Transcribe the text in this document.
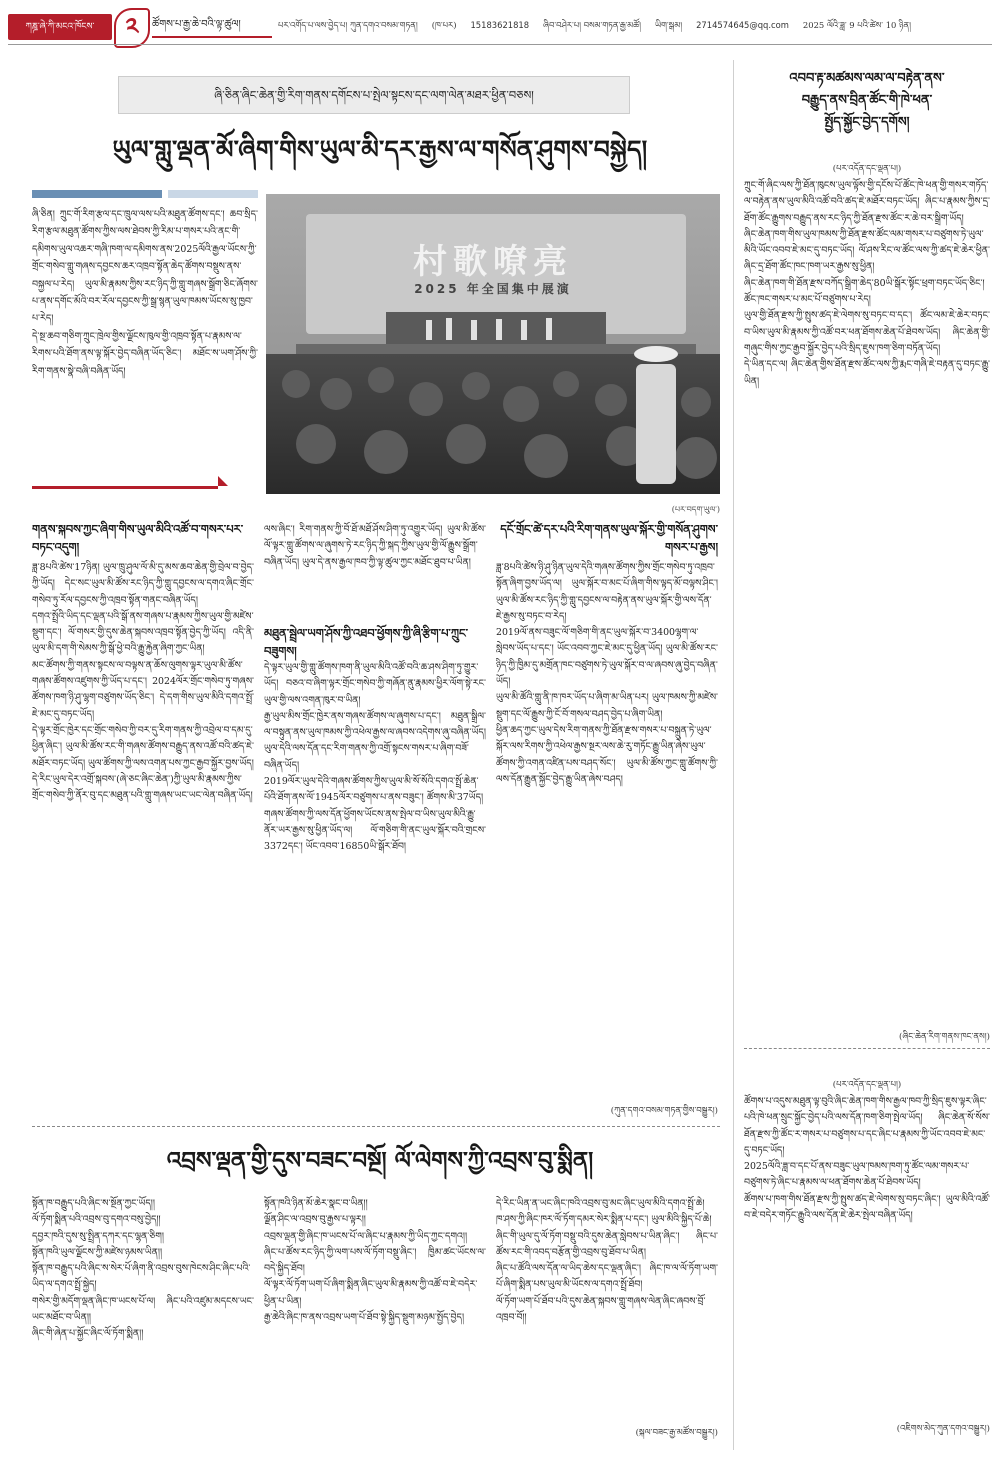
ཀཎྜ་ཞེ་ཀི་མངའ་ཁོངས་	༢	ཚོགས་པ་རྒྱ་ཆེ་བའི་ལྟ་ཚུལ།	པར་འགོད་པ་ལས་བྱེད་པ། ཀུན་དགའ་བསམ་གཏན། (ཁ་པར) 15183621818 ཞིབ་བཤེར་པ། བསམ་གཏན་རྒྱ་མཚོ། ཡིག་སྒམ། 2714574645@qq.com 2025 ལོའི་ཟླ་ 9 པའི་ཚེས་ 10 ཉིན།
ཞི་ཅིན་ཞིང་ཆེན་གྱི་རིག་གནས་དགོངས་པ་སྤེལ་སྟངས་དང་ལག་ལེན་མཐར་ཕྱིན་བཅས།
ཡུལ་གླུ་ལྡན་མོ་ཞིག་གིས་ཡུལ་མི་དར་རྒྱས་ལ་གསོན་ཤུགས་བསྐྱེད།
ཞི་ཅིན། ཀྲུང་གོ་རིག་རྩལ་དང་ཁྲུལ་ལས་པའི་མཐུན་ཚོགས་དང་། ཆབ་སྲིད་རིག་རྩལ་མཐུན་ཚོགས་ཀྱིས་ལས་ཐེབས་ཀྱི་རིམ་པ་གསར་པའི་ནང་གི་དམིགས་ཡུལ་འཆར་གཞི་ཁག་ལ་དམིགས་ནས་2025ལོའི་རྒྱལ་ཡོངས་ཀྱི་གྲོང་གསེབ་གླུ་གཞས་དབྱངས་ཆར་འཁྲབ་སྟོན་ཆེད་ཚོགས་བསྡུས་ནས་བསྐྱལ་པ་རེད། ཡུལ་མི་རྣམས་ཀྱིས་རང་ཉིད་ཀྱི་གླུ་གཞས་སྒྲོག་ཅིང་ཞོགས་པ་ནས་དགོང་མོའི་བར་རོལ་དབྱངས་ཀྱི་སྒྲ་སྙན་ཡུལ་ཁམས་ཡོངས་སུ་ཁྱབ་པ་རེད།
དེ་སྔ་ཆབ་གཅིག་ཀྲུང་ཁྲེལ་གྱིས་ལྗོངས་ཁུལ་གྱི་འཁྲབ་སྟོན་པ་རྣམས་ལ་རིགས་པའི་ཐོག་ནས་ལྟ་སྐོར་བྱེད་བཞིན་ཡོད་ཅིང་། མཐོང་ས་ཡག་ཤོས་ཀྱི་རིག་གནས་སྣེ་བཞི་བཞིན་ཡོད།
村歌嘹亮
2025 年全国集中展演
(པར་བདག་ཡུལ་)
གནས་སྐབས་ཀྱང་ཞིག་གིས་ཡུལ་མིའི་འཚོ་བ་གསར་པར་བཏང་འདུག།
ཟླ་8པའི་ཚེས་17ཉིན། ཡུལ་ཁྲུ་ཤུལ་ལོ་མི་དུ་མས་ཆབ་ཆེན་གྱི་བྲེལ་བ་བྱེད་ཀྱི་ཡོད། དེང་སང་ཡུལ་མི་ཚོས་རང་ཉིད་ཀྱི་གླུ་དབྱངས་ལ་དགའ་ཞིང་གྲོང་གསེབ་ཏུ་རོལ་དབྱངས་ཀྱི་འཁྲབ་སྟོན་གནང་བཞིན་ཡོད།
དགའ་སྤྲོའི་ཡིད་དང་ལྡན་པའི་སྒོ་ནས་གཞས་པ་རྣམས་ཀྱིས་ཡུལ་གྱི་མཛེས་སྡུག་དང་། ལོ་གསར་གྱི་དུས་ཆེན་སྐབས་འཁྲབ་སྟོན་བྱེད་ཀྱི་ཡོད། འདི་ནི་ཡུལ་མི་དག་གི་སེམས་ཀྱི་སྒོ་ཕྱེ་བའི་རྒྱུ་རྐྱེན་ཞིག་ཀྱང་ཡིན།
མང་ཚོགས་ཀྱི་གནས་སྟངས་ལ་བལྟས་ན་ཆོས་ལུགས་ལྟར་ཡུལ་མི་ཚོས་གཞས་ཚོགས་འཛུགས་ཀྱི་ཡོད་པ་དང་། 2024ལོར་གྲོང་གསེབ་ཏུ་གཞས་ཚོགས་ཁག་ཉི་ཤུ་ལྷག་བཙུགས་ཡོད་ཅིང་། དེ་དག་གིས་ཡུལ་མིའི་དགའ་སྤྲོ་ཇེ་མང་དུ་བཏང་ཡོད།
དེ་ལྟར་གྲོང་ཁྱེར་དང་གྲོང་གསེབ་ཀྱི་བར་དུ་རིག་གནས་ཀྱི་འབྲེལ་བ་དམ་དུ་ཕྱིན་ཞིང་། ཡུལ་མི་ཚོས་རང་གི་གཞས་ཚོགས་བརྒྱུད་ནས་འཚོ་བའི་ཚད་ཇེ་མཐོར་བཏང་ཡོད། ཡུལ་ཚོགས་ཀྱི་ལས་འགན་པས་ཀྱང་རྒྱབ་སྐྱོར་བྱས་ཡོད།
དེ་རིང་ཡུལ་དེར་འགྲོ་སྐབས་(ཞེ་ཅང་ཞིང་ཆེན་)ཀྱི་ཡུལ་མི་རྣམས་ཀྱིས་གྲོང་གསེབ་ཀྱི་ནོར་བུ་དང་མཐུན་པའི་གླུ་གཞས་ཡང་ཡང་ལེན་བཞིན་ཡོད།
ལས་ཞིང་། རིག་གནས་ཀྱི་བོ་ཐོ་མཐོ་ཤོས་ཤིག་ཏུ་འགྱུར་ཡོད། ཡུལ་མི་ཚོས་ལོ་ལྟར་གླུ་ཚོགས་ལ་ཞུགས་ཏེ་རང་ཉིད་ཀྱི་སྐད་ཀྱིས་ཡུལ་གྱི་ལོ་རྒྱུས་སྒྲོག་བཞིན་ཡོད། ཡུལ་དེ་ནས་རྒྱལ་ཁབ་ཀྱི་ལྟ་ཚུལ་ཀྱང་མཐོང་ཐུབ་པ་ཡིན།
མཐུན་སྦྲེལ་ཡག་ཤོས་ཀྱི་འཐབ་ཕྱོགས་ཀྱི་ཞི་རྩིག་པ་ཀྲུང་བཟུགས།
དེ་ལྟར་ཡུལ་གྱི་གླུ་ཚོགས་ཁག་ནི་ཡུལ་མིའི་འཚོ་བའི་ཆ་ཤས་ཤིག་ཏུ་གྱུར་ཡོད། བཅའ་བ་ཞིག་ལྟར་གྲོང་གསེབ་ཀྱི་གཞོན་ནུ་རྣམས་ཕྱིར་ལོག་སྟེ་རང་ཡུལ་གྱི་ལས་འགན་ཁུར་བ་ཡིན།
རྒྱ་ཡུལ་མིས་གྲོང་ཁྱེར་ནས་གཞས་ཚོགས་ལ་ཞུགས་པ་དང་། མཐུན་སྒྲིལ་ལ་བསྟུན་ནས་ཡུལ་ཁམས་ཀྱི་འཕེལ་རྒྱས་ལ་ཞབས་འདེགས་ཞུ་བཞིན་ཡོད། ཡུལ་དེའི་ལས་དོན་དང་རིག་གནས་ཀྱི་འགྲོ་སྟངས་གསར་པ་ཞིག་བཟོ་བཞིན་ཡོད།
2019ལོར་ཡུལ་དེའི་གཞས་ཚོགས་ཀྱིས་ཡུལ་མི་སོ་སོའི་དགའ་སྤྲོ་ཆེན་པོའི་ཐོག་ནས་ལོ་1945ལོར་བཙུགས་པ་ནས་བཟུང་། ཚོགས་མི་37ཡོད།
གཞས་ཚོགས་ཀྱི་ལས་དོན་ཕྱོགས་ཡོངས་ནས་སྤེལ་བ་ཡིས་ཡུལ་མིའི་རྒྱུ་ནོར་ཡར་རྒྱས་སུ་ཕྱིན་ཡོད་ལ། ལོ་གཅིག་གི་ནང་ཡུལ་སྐོར་བའི་གྲངས་3372དང་། ཡོང་འབབ་16850ཡི་སྒོར་ཐོབ།
དངོ་གྲོང་ཚེ་དར་པའི་རིག་གནས་ཡུལ་སྐོར་གྱི་གསོན་ཤུགས་གསར་པ་རྒྱས།
ཟླ་8པའི་ཚེས་ཉི་ཤུ་ཉིན་ཡུལ་དེའི་གཞས་ཚོགས་ཀྱིས་གྲོང་གསེབ་ཏུ་འཁྲབ་སྟོན་ཞིག་བྱས་ཡོད་ལ། ཡུལ་སྐོར་བ་མང་པོ་ཞིག་གིས་ལྟད་མོ་བལྟས་ཤིང་། ཡུལ་མི་ཚོས་རང་ཉིད་ཀྱི་གླུ་དབྱངས་ལ་བརྟེན་ནས་ཡུལ་སྐོར་གྱི་ལས་དོན་ཇེ་རྒྱས་སུ་བཏང་བ་རེད།
2019ལོ་ནས་བཟུང་ལོ་གཅིག་གི་ནང་ཡུལ་སྐོར་བ་3400ལྷག་ལ་སླེབས་ཡོད་པ་དང་། ཡོང་འབབ་ཀྱང་ཇེ་མང་དུ་ཕྱིན་ཡོད། ཡུལ་མི་ཚོས་རང་ཉིད་ཀྱི་ཁྱིམ་དུ་མགྲོན་ཁང་བཙུགས་ཏེ་ཡུལ་སྐོར་བ་ལ་ཞབས་ཞུ་བྱེད་བཞིན་ཡོད།
ཡུལ་མི་ཚོའི་གླུ་ནི་ཁ་ཁར་ཡོད་པ་ཞིག་མ་ཡིན་པར། ཡུལ་ཁམས་ཀྱི་མཛེས་སྡུག་དང་ལོ་རྒྱུས་ཀྱི་ངོ་བོ་གསལ་བཤད་བྱེད་པ་ཞིག་ཡིན།
ཕྱིན་ཆད་ཀྱང་ཡུལ་དེས་རིག་གནས་ཀྱི་ཐོན་རྫས་གསར་པ་བསྐྲུན་ཏེ་ཡུལ་སྐོར་ལས་རིགས་ཀྱི་འཕེལ་རྒྱས་སྔར་ལས་ཆེ་རུ་གཏོང་རྒྱུ་ཡིན་ཞེས་ཡུལ་ཚོགས་ཀྱི་འགན་འཛིན་པས་བཤད་སོང་། ཡུལ་མི་ཚོས་ཀྱང་གླུ་ཚོགས་ཀྱི་ལས་དོན་རྒྱུན་སྐྱོང་བྱེད་རྒྱུ་ཡིན་ཞེས་བཤད།
(ཀུན་དགའ་བསམ་གཏན་གྱིས་བསྒྱུར།)
འབབ་རྟ་མཚམས་ལམ་ལ་བརྟེན་ནས་
བརྒྱུད་ནས་བྲིན་ཚོང་གི་ཁེ་ཕན་
སྤྱོད་སྐྱོང་བྱེད་དགོས།
(པར་འདོན་དང་ལྡན་པ།)
ཀྲུང་གོ་ཞིང་ལས་ཀྱི་ཐོན་ཁུངས་ཡུལ་ལྟོས་གྱི་དངོས་པོ་ཚོང་ཁེ་ཕན་གྱི་གསར་གཏོད་ལ་བརྟེན་ནས་ཡུལ་མིའི་འཚོ་བའི་ཚད་ཇེ་མཐོར་བཏང་ཡོད། ཞིང་པ་རྣམས་ཀྱིས་དྲ་ཐོག་ཚོང་རྒྱུགས་བརྒྱུད་ནས་རང་ཉིད་ཀྱི་ཐོན་རྫས་ཚོང་ར་ཆེ་བར་སྒྲིག་ཡོད།
ཞིང་ཆེན་ཁག་གིས་ཡུལ་ཁམས་ཀྱི་ཐོན་རྫས་ཚོང་ལམ་གསར་པ་བཙུགས་ཏེ་ཡུལ་མིའི་ཡོང་འབབ་ཇེ་མང་དུ་བཏང་ཡོད། ལོ་ཤས་རིང་ལ་ཚོང་ལས་ཀྱི་ཚད་ཇེ་ཆེར་ཕྱིན་ཞིང་དྲ་ཐོག་ཚོང་ཁང་ཁག་ཡར་རྒྱས་སུ་ཕྱིན།
ཞིང་ཆེན་ཁག་གི་ཐོན་རྫས་བཀོད་སྒྲིག་ཆེད་80ཡི་སྒོར་སྟོང་ཕྲག་བཏང་ཡོད་ཅིང་། ཚོང་ཁང་གསར་པ་མང་པོ་བཙུགས་པ་རེད།
ཡུལ་གྱི་ཐོན་རྫས་ཀྱི་སྤུས་ཚད་ཇེ་ལེགས་སུ་བཏང་བ་དང་། ཚོང་ལམ་ཇེ་ཆེར་བཏང་བ་ཡིས་ཡུལ་མི་རྣམས་ཀྱི་འཚོ་བར་ཕན་ཐོགས་ཆེན་པོ་ཐེབས་ཡོད། ཞིང་ཆེན་གྱི་གཞུང་གིས་ཀྱང་རྒྱབ་སྐྱོར་བྱེད་པའི་སྲིད་ཇུས་ཁག་ཅིག་བཏོན་ཡོད།
དེ་ཡིན་དང་ལ། ཞིང་ཆེན་གྱིས་ཐོན་རྫས་ཚོང་ལས་ཀྱི་རྨང་གཞི་ཇེ་བརྟན་དུ་བཏང་རྒྱུ་ཡིན།
(ཞིང་ཆེན་རིག་གནས་ཁང་ནས།)
(པར་འདོན་དང་ལྡན་པ།)
ཚོགས་པ་འདུས་མཐུན་ལྟ་བུའི་ཞིང་ཆེན་ཁག་གིས་རྒྱལ་ཁབ་ཀྱི་སྲིད་ཇུས་ལྟར་ཞིང་པའི་ཁེ་ཕན་སྲུང་སྐྱོང་བྱེད་པའི་ལས་དོན་ཁག་ཅིག་སྤེལ་ཡོད། ཞིང་ཆེན་སོ་སོས་ཐོན་རྫས་ཀྱི་ཚོང་ར་གསར་པ་བཙུགས་པ་དང་ཞིང་པ་རྣམས་ཀྱི་ཡོང་འབབ་ཇེ་མང་དུ་བཏང་ཡོད།
2025ལོའི་ཟླ་བ་དང་པོ་ནས་བཟུང་ཡུལ་ཁམས་ཁག་ཏུ་ཚོང་ལམ་གསར་པ་བཙུགས་ཏེ་ཞིང་པ་རྣམས་ལ་ཕན་ཐོགས་ཆེན་པོ་ཐེབས་ཡོད།
ཚོགས་པ་ཁག་གིས་ཐོན་རྫས་ཀྱི་སྤུས་ཚད་ཇེ་ལེགས་སུ་བཏང་ཞིང་། ཡུལ་མིའི་འཚོ་བ་ཇེ་བདེར་གཏོང་རྒྱུའི་ལས་དོན་ཇེ་ཆེར་སྤེལ་བཞིན་ཡོད།
(འཇིགས་མེད་ཀུན་དགའ་བསྒྱུར།)
འབྲས་ལྡན་གྱི་དུས་བཟང་བསྔོ། ལོ་ལེགས་ཀྱི་འབྲས་བུ་སྨིན།
སྟོན་ཁ་བརྒྱུད་པའི་ཞིང་ས་སྔོན་ཀྱང་ཡོད།།
ལོ་ཏོག་སྨིན་པའི་འབྲས་བུ་དགའ་བསུ་བྱེད།།
དབྱར་ཁའི་དུས་སུ་སྤྲིན་དཀར་དང་ལྷན་ཅིག།
སྟོན་ཁའི་ཡུལ་ལྗོངས་ཀྱི་མཛེས་ཉམས་ཡིན།།
སྟོན་ཁ་བརྒྱུད་པའི་ཞིང་ས་སེར་པོ་ཞིག་ནི་འབྲས་བུས་ཁེངས་ཤིང་ཞིང་པའི་ཡིད་ལ་དགའ་སྤྲོ་སྐྱེད།
གསེར་གྱི་མདོག་ལྡན་ཞིང་ཁ་ཡངས་པོ་ལ། ཞིང་པའི་འཛུམ་མདངས་ཡང་ཡང་མཐོང་བ་ཡིན།།
ཞིང་གི་ཞེན་པ་སྐྱོང་ཞིང་ལོ་ཏོག་སྨིན།།
སྟོན་ཁའི་ཉིན་མོ་ཆེར་སྣང་བ་ཡིན།།
ལྗོན་ཤིང་ལ་འབྲས་བུ་རྒྱས་པ་ལྟར།།
འབྲས་ལྡན་གྱི་ཞིང་ཁ་ཡངས་པོ་ལ་ཞིང་པ་རྣམས་ཀྱི་ཡིད་ཀྱང་དགའ།།
ཞིང་པ་ཚོས་རང་ཉིད་ཀྱི་ལག་པས་ལོ་ཏོག་བསྡུ་ཞིང་། ཁྱིམ་ཚང་ཡོངས་ལ་བདེ་སྐྱིད་ཐོབ།
ལོ་ལྟར་ལོ་ཏོག་ཡག་པོ་ཞིག་སྨིན་ཞིང་ཡུལ་མི་རྣམས་ཀྱི་འཚོ་བ་ཇེ་བདེར་ཕྱིན་པ་ཡིན།
རྒྱ་ཆེའི་ཞིང་ཁ་ནས་འབྲས་ཡག་པོ་ཐོབ་སྟེ་སྐྱིད་སྡུག་མཉམ་སྤྱོད་བྱེད།
དེ་རིང་ཡིན་ན་ཡང་ཞིང་ཁའི་འབྲས་བུ་མང་ཞིང་ཡུལ་མིའི་དགའ་སྤྲོ་ཆེ།
ཁ་ཤས་ཀྱི་ཞིང་ཁར་ལོ་ཏོག་དམར་སེར་སྨིན་པ་དང་། ཡུལ་མིའི་སྐྱིད་པོ་ཆེ།
ཞིང་གི་ཡུལ་དུ་ལོ་ཏོག་བསྡུ་བའི་དུས་ཆེན་སླེབས་པ་ཡིན་ཞིང་། ཞིང་པ་ཚོས་རང་གི་འབད་བརྩོན་གྱི་འབྲས་བུ་ཐོབ་པ་ཡིན།
ཞིང་པ་ཚོའི་ལས་དོན་ལ་ཡིད་ཆེས་དང་ལྡན་ཞིང་། ཞིང་ཁ་ལ་ལོ་ཏོག་ཡག་པོ་ཞིག་སྨིན་པས་ཡུལ་མི་ཡོངས་ལ་དགའ་སྤྲོ་ཐོབ།
ལོ་ཏོག་ཡག་པོ་ཐོབ་པའི་དུས་ཆེན་སྐབས་གླུ་གཞས་ལེན་ཞིང་ཞབས་བྲོ་འཁྲབ་བོ།།
(སྐལ་བཟང་རྒྱ་མཚོས་བསྒྱུར།)
